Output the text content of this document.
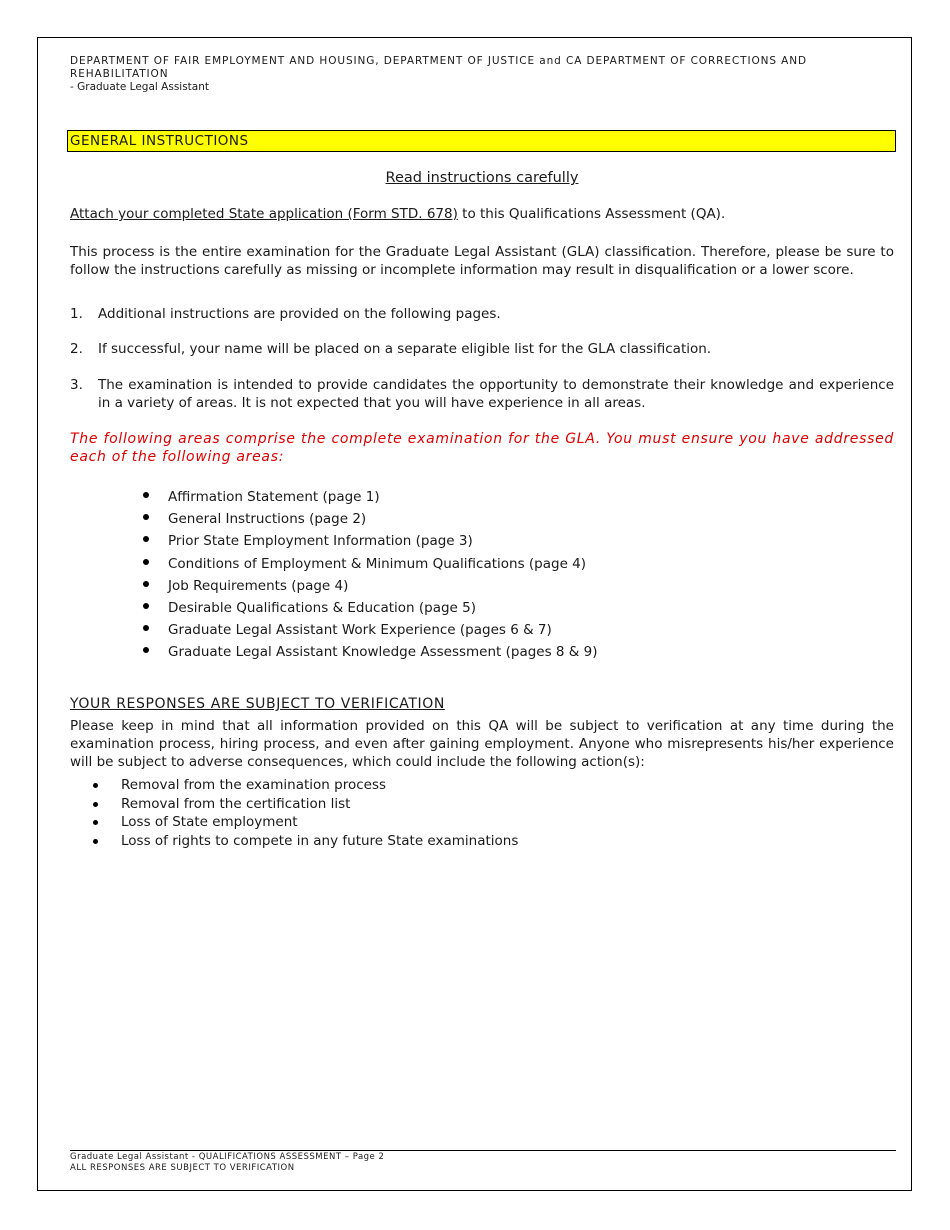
DEPARTMENT OF FAIR EMPLOYMENT AND HOUSING, DEPARTMENT OF JUSTICE and CA DEPARTMENT OF CORRECTIONS AND REHABILITATION
- Graduate Legal Assistant
GENERAL INSTRUCTIONS
Read instructions carefully
Attach your completed State application (Form STD. 678) to this Qualifications Assessment (QA).
This process is the entire examination for the Graduate Legal Assistant (GLA) classification. Therefore, please be sure to follow the instructions carefully as missing or incomplete information may result in disqualification or a lower score.
1. Additional instructions are provided on the following pages.
2. If successful, your name will be placed on a separate eligible list for the GLA classification.
3. The examination is intended to provide candidates the opportunity to demonstrate their knowledge and experience in a variety of areas. It is not expected that you will have experience in all areas.
The following areas comprise the complete examination for the GLA. You must ensure you have addressed each of the following areas:
Affirmation Statement (page 1)
General Instructions (page 2)
Prior State Employment Information (page 3)
Conditions of Employment & Minimum Qualifications (page 4)
Job Requirements (page 4)
Desirable Qualifications & Education (page 5)
Graduate Legal Assistant Work Experience (pages 6 & 7)
Graduate Legal Assistant Knowledge Assessment (pages 8 & 9)
YOUR RESPONSES ARE SUBJECT TO VERIFICATION
Please keep in mind that all information provided on this QA will be subject to verification at any time during the examination process, hiring process, and even after gaining employment. Anyone who misrepresents his/her experience will be subject to adverse consequences, which could include the following action(s):
Removal from the examination process
Removal from the certification list
Loss of State employment
Loss of rights to compete in any future State examinations
Graduate Legal Assistant - QUALIFICATIONS ASSESSMENT – Page 2
ALL RESPONSES ARE SUBJECT TO VERIFICATION
